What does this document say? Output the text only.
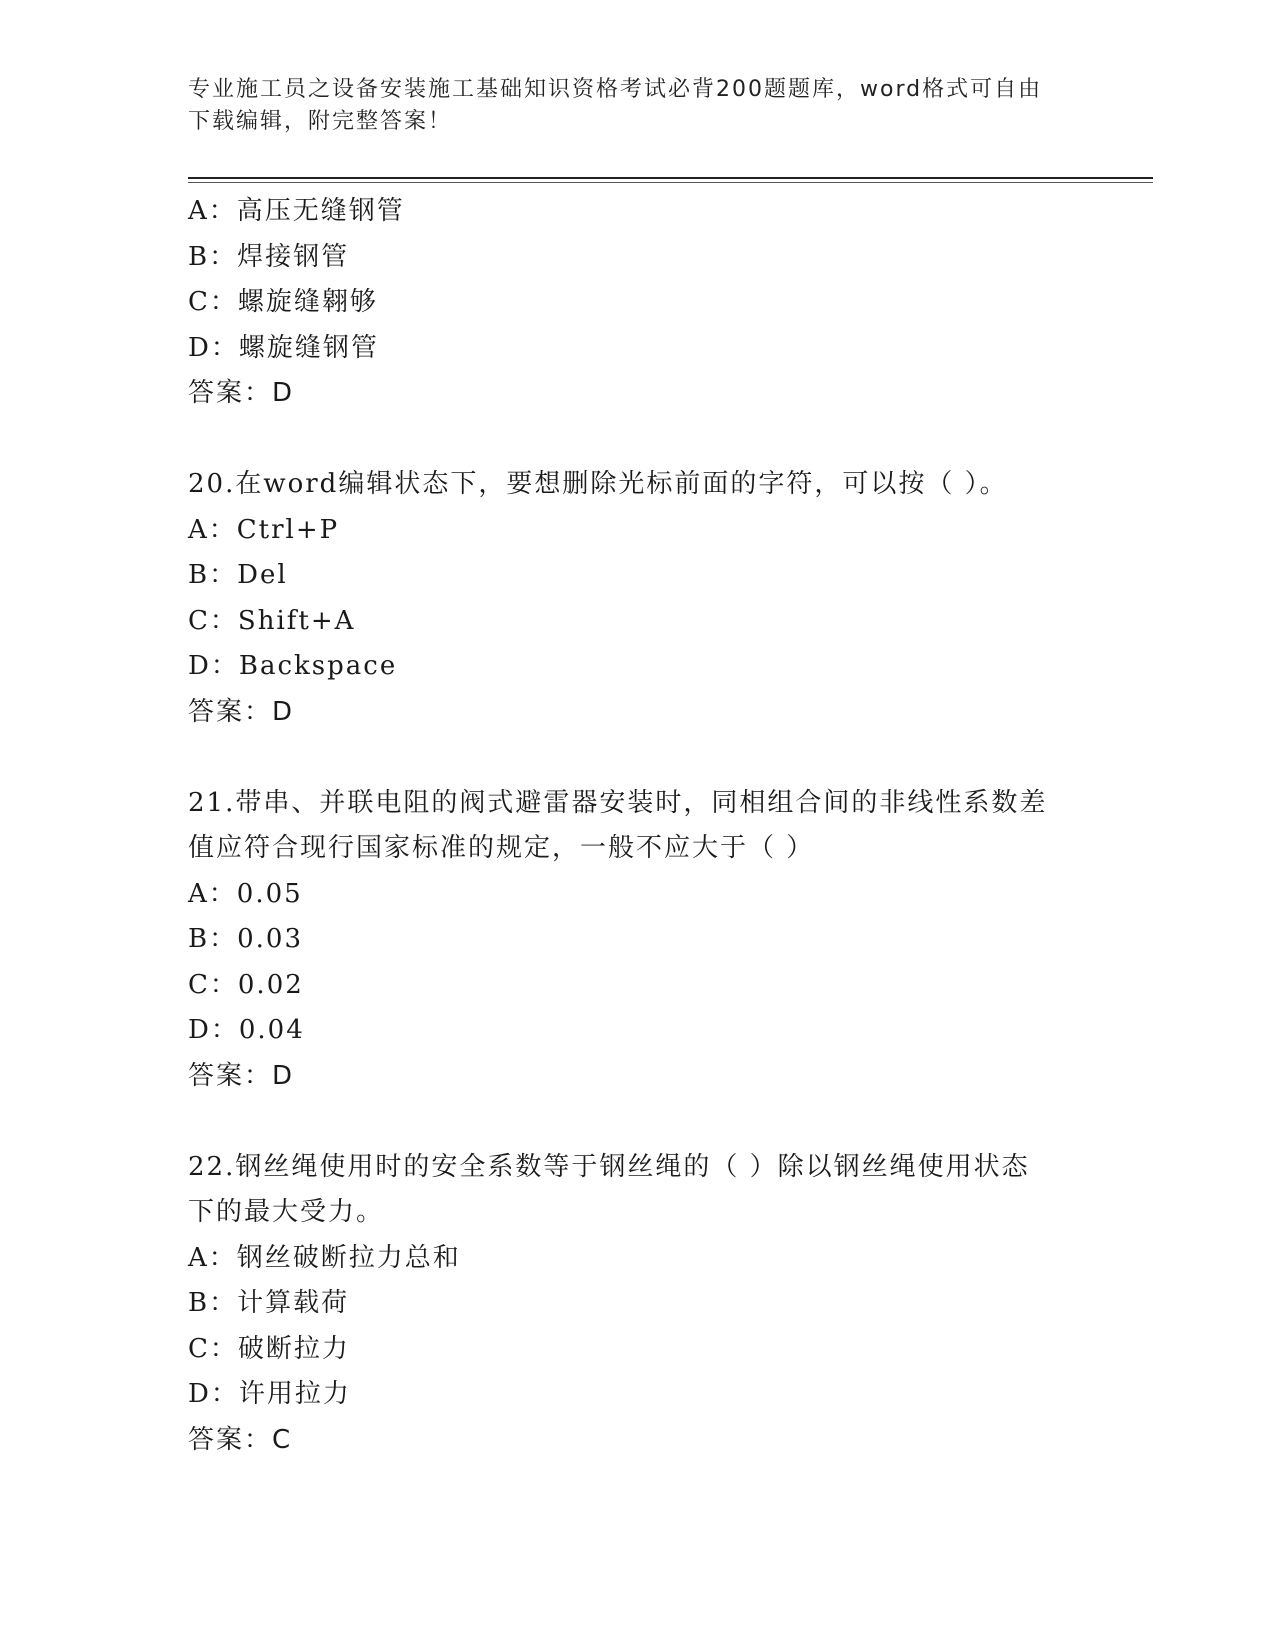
专业施工员之设备安装施工基础知识资格考试必背200题题库，word格式可自由
下载编辑，附完整答案！
A：高压无缝钢管
B：焊接钢管
C：螺旋缝翱够
D：螺旋缝钢管
答案：D
20.在word编辑状态下，要想删除光标前面的字符，可以按（ ）。
A：Ctrl+P
B：Del
C：Shift+A
D：Backspace
答案：D
21.带串、并联电阻的阀式避雷器安装时，同相组合间的非线性系数差
值应符合现行国家标准的规定，一般不应大于（ ）
A：0.05
B：0.03
C：0.02
D：0.04
答案：D
22.钢丝绳使用时的安全系数等于钢丝绳的（ ）除以钢丝绳使用状态
下的最大受力。
A：钢丝破断拉力总和
B：计算载荷
C：破断拉力
D：许用拉力
答案：C
